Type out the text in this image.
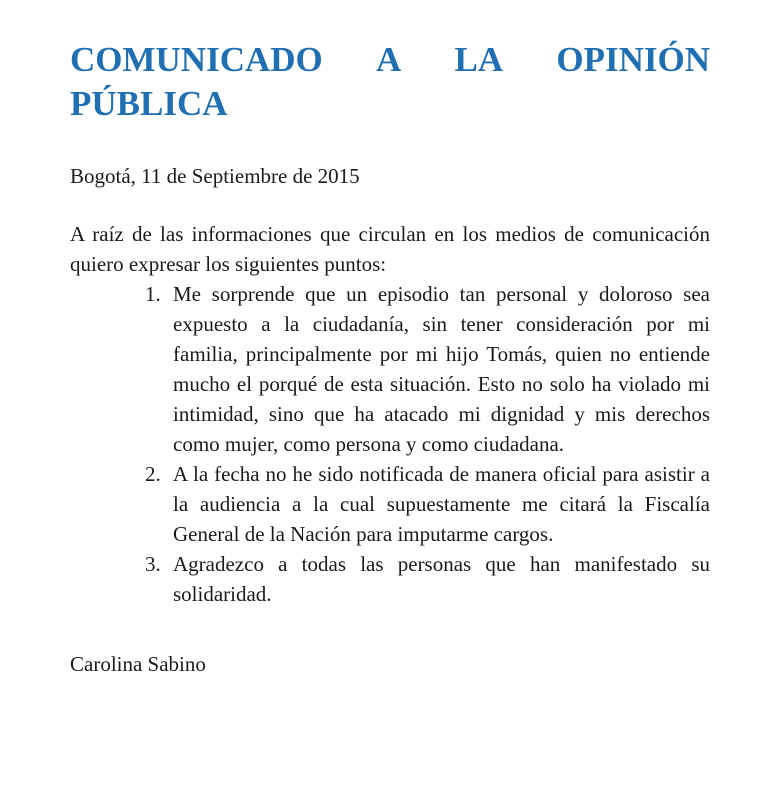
COMUNICADO A LA OPINIÓN
PÚBLICA

Bogotá, 11 de Septiembre de 2015

A raíz de las informaciones que circulan en los medios de comunicación quiero expresar los siguientes puntos:

1. Me sorprende que un episodio tan personal y doloroso sea expuesto a la ciudadanía, sin tener consideración por mi familia, principalmente por mi hijo Tomás, quien no entiende mucho el porqué de esta situación. Esto no solo ha violado mi intimidad, sino que ha atacado mi dignidad y mis derechos como mujer, como persona y como ciudadana.
2. A la fecha no he sido notificada de manera oficial para asistir a la audiencia a la cual supuestamente me citará la Fiscalía General de la Nación para imputarme cargos.
3. Agradezco a todas las personas que han manifestado su solidaridad.

Carolina Sabino
